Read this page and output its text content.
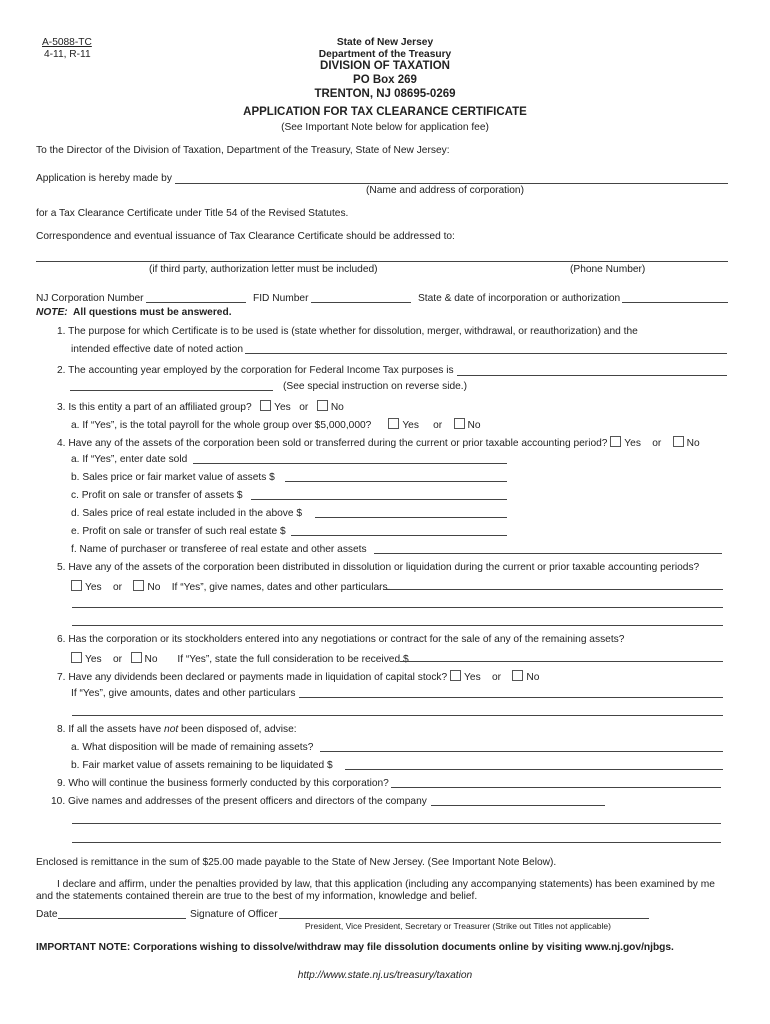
A-5088-TC
4-11, R-11
State of New Jersey
Department of the Treasury
DIVISION OF TAXATION
PO Box 269
TRENTON, NJ 08695-0269
APPLICATION FOR TAX CLEARANCE CERTIFICATE
(See Important Note below for application fee)
To the Director of the Division of Taxation, Department of the Treasury, State of New Jersey:
Application is hereby made by
(Name and address of corporation)
for a Tax Clearance Certificate under Title 54 of the Revised Statutes.
Correspondence and eventual issuance of Tax Clearance Certificate should be addressed to:
(if third party, authorization letter must be included)	(Phone Number)
NJ Corporation Number	FID Number	State & date of incorporation or authorization
NOTE: All questions must be answered.
1. The purpose for which Certificate is to be used is (state whether for dissolution, merger, withdrawal, or reauthorization) and the
intended effective date of noted action
2. The accounting year employed by the corporation for Federal Income Tax purposes is
(See special instruction on reverse side.)
3. Is this entity a part of an affiliated group? Yes or No
a. If “Yes”, is the total payroll for the whole group over $5,000,000?	Yes or No
4. Have any of the assets of the corporation been sold or transferred during the current or prior taxable accounting period? Yes or No
a. If “Yes”, enter date sold
b. Sales price or fair market value of assets $
c. Profit on sale or transfer of assets $
d. Sales price of real estate included in the above $
e. Profit on sale or transfer of such real estate $
f. Name of purchaser or transferee of real estate and other assets
5. Have any of the assets of the corporation been distributed in dissolution or liquidation during the current or prior taxable accounting periods?
Yes or No If “Yes”, give names, dates and other particulars.
6. Has the corporation or its stockholders entered into any negotiations or contract for the sale of any of the remaining assets?
Yes or No If “Yes”, state the full consideration to be received $
7. Have any dividends been declared or payments made in liquidation of capital stock? Yes or No
If “Yes”, give amounts, dates and other particulars
8. If all the assets have not been disposed of, advise:
a. What disposition will be made of remaining assets?
b. Fair market value of assets remaining to be liquidated $
9. Who will continue the business formerly conducted by this corporation?
10. Give names and addresses of the present officers and directors of the company
Enclosed is remittance in the sum of $25.00 made payable to the State of New Jersey. (See Important Note Below).
I declare and affirm, under the penalties provided by law, that this application (including any accompanying statements) has been examined by me
and the statements contained therein are true to the best of my information, knowledge and belief.
Date	Signature of Officer
President, Vice President, Secretary or Treasurer (Strike out Titles not applicable)
IMPORTANT NOTE: Corporations wishing to dissolve/withdraw may file dissolution documents online by visiting www.nj.gov/njbgs.
http://www.state.nj.us/treasury/taxation
